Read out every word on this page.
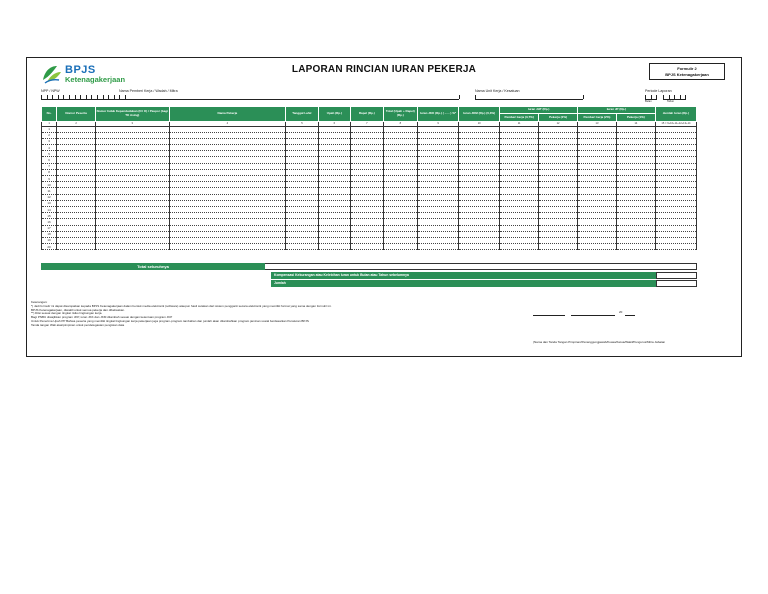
BPJS
Ketenagakerjaan
LAPORAN RINCIAN IURAN PEKERJA	Formulir 2
BPJS Ketenagakerjaan
NPP / NPW	Nama Pemberi Kerja / Wadah / Mitra	Nama Unit Kerja / Kesatuan	Periode Laporan
Bulan	Tahun
No.	Nomor Peserta	Nomor Induk Kependudukan (N I K) / Paspor (bagi TK Asing)	Nama Pekerja	Tanggal Lahir	Upah (Rp.)	Rapel (Rp.)	Total (Upah + Rapel) (Rp.)	Iuran JKK (Rp.) ( ...... ) %*	Iuran JKM (Rp.) (0,3%)	Iuran JHT (Rp.)		Iuran JP (Rp.)		Jumlah Iuran (Rp.)
										Pemberi kerja (3,7%)	Pekerja (2%)	Pemberi kerja (2%)	Pekerja (1%)	
1	2	3	4	5	6	7	8	9	10	11	12	13	14	15 = 9+10+11+12+13+14
1														
2														
3														
4														
5														
6														
7														
8														
9														
10														
11														
12														
13														
14														
15														
16														
17														
18														
19														
20														
Total seluruhnya
Kompensasi Kekurangan atau Kelebihan Iuran untuk Bulan atau Tahun sebelumnya
Jumlah
Keterangan:
*) Jadi formulir ini dapat disampaikan kepada BPJS Ketenagakerjaan dalam bentuk media elektronik (software) ataupun hasil cetakan dari sistem pengganti secara elektronik yang memiliki format yang sama dengan formulir ini.
BPJS Ketenagakerjaan, diwakili untuk semua pekerja dan dibebaskan.
**) Diisi sesuai dengan tingkat risiko lingkungan kerja.
Bagi PNBU diwajibkan program JKP, iuran JKK dan JKM ditambah sesuai dengan ketentuan program JKP
Untuk Penerima Upah PP Bahwa peserta yang memiliki tingkat lingkungan kerja pekerjaan juga program-program tambahan dan jumlah akan ditambahkan program jaminan sosial berdasarkan Peraturan BPJS
Tanda tangan Wali atas/pimpinan untuk pendelegasian pengisian data
20
(Nama dan Tanda Tangan Pimpinan/Penanggungjawab/Kuasa/Ketua/Wakil/Pengurus/Mitra Jabatan
